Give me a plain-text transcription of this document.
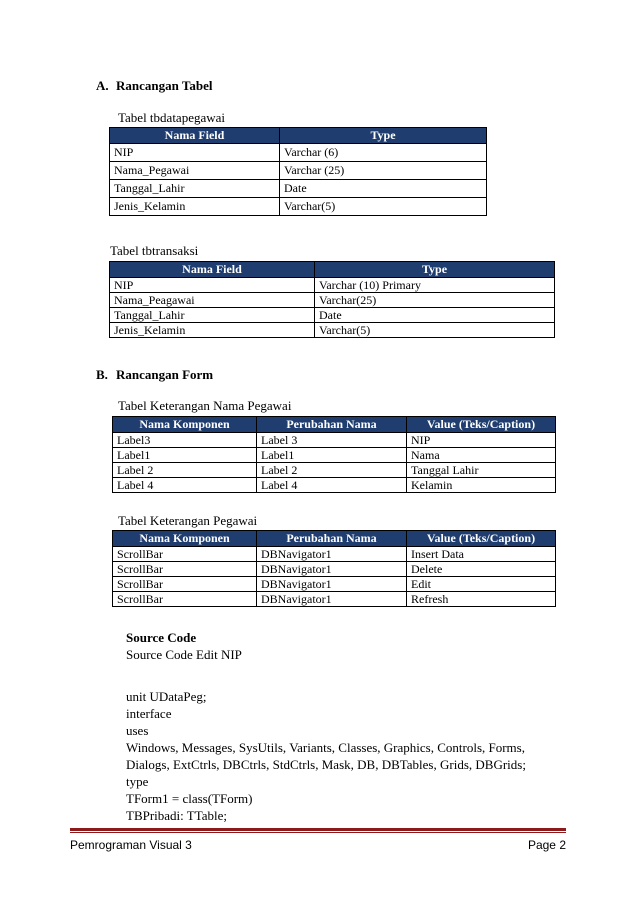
A. Rancangan Tabel
Tabel tbdatapegawai
Nama Field	Type
NIP	Varchar (6)
Nama_Pegawai	Varchar (25)
Tanggal_Lahir	Date
Jenis_Kelamin	Varchar(5)
Tabel tbtransaksi
Nama Field	Type
NIP	Varchar (10) Primary
Nama_Peagawai	Varchar(25)
Tanggal_Lahir	Date
Jenis_Kelamin	Varchar(5)
B. Rancangan Form
Tabel Keterangan Nama Pegawai
Nama Komponen	Perubahan Nama	Value (Teks/Caption)
Label3	Label 3	NIP
Label1	Label1	Nama
Label 2	Label 2	Tanggal Lahir
Label 4	Label 4	Kelamin
Tabel Keterangan Pegawai
Nama Komponen	Perubahan Nama	Value (Teks/Caption)
ScrollBar	DBNavigator1	Insert Data
ScrollBar	DBNavigator1	Delete
ScrollBar	DBNavigator1	Edit
ScrollBar	DBNavigator1	Refresh
Source Code
Source Code Edit NIP
unit UDataPeg;
interface
uses
Windows, Messages, SysUtils, Variants, Classes, Graphics, Controls, Forms,
Dialogs, ExtCtrls, DBCtrls, StdCtrls, Mask, DB, DBTables, Grids, DBGrids;
type
TForm1 = class(TForm)
TBPribadi: TTable;
Pemrograman Visual 3	Page 2
